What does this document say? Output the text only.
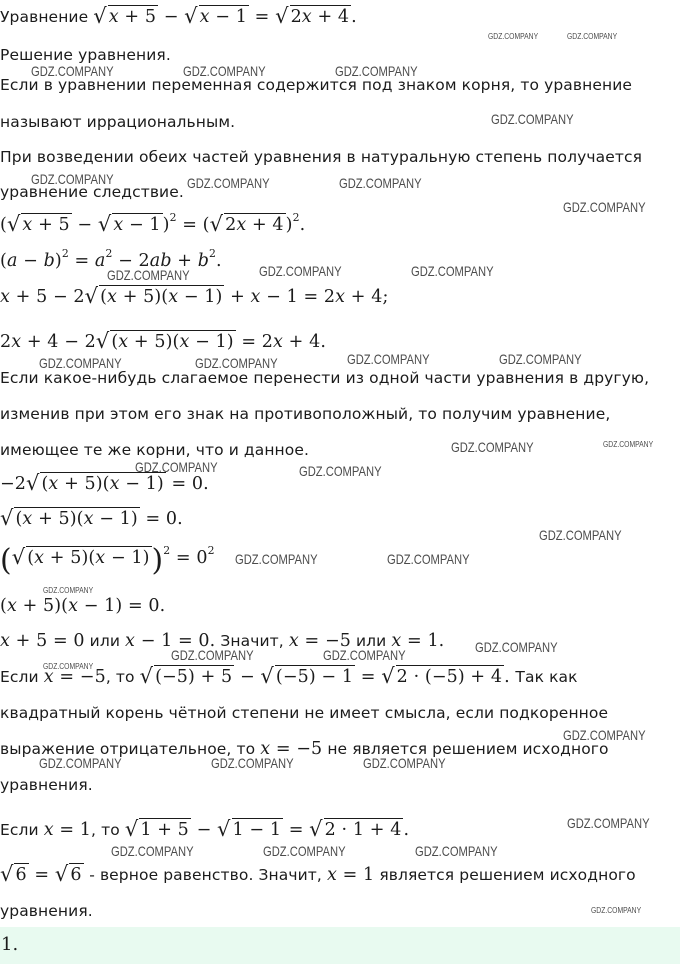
Уравнение √ x + 5 − √ x − 1 = √ 2x + 4 .
Решение уравнения.
Если в уравнении переменная содержится под знаком корня, то уравнение
называют иррациональным.
При возведении обеих частей уравнения в натуральную степень получается
уравнение следствие.
(√ x + 5 − √ x − 1 )$^2$ = (√ 2x + 4 )$^2$.
$(a - b)^2 = a^2 - 2ab + b^2$.
x + 5 − 2√ (x + 5)(x − 1) + x − 1 = 2x + 4;
2x + 4 − 2√ (x + 5)(x − 1) = 2x + 4.
Если какое-нибудь слагаемое перенести из одной части уравнения в другую,
изменив при этом его знак на противоположный, то получим уравнение,
имеющее те же корни, что и данное.
−2√ (x + 5)(x − 1) = 0.
√ (x + 5)(x − 1) = 0.
(√ $(x + 5)(x - 1))^2 = 0^2$
(x + 5)(x − 1) = 0.
x + 5 = 0 или x − 1 = 0. Значит, x = −5 или x = 1.
Если x = −5, то √ (−5) + 5 − √ (−5) − 1 = √ 2 · (−5) + 4 . Так как
квадратный корень чётной степени не имеет смысла, если подкоренное
выражение отрицательное, то x = −5 не является решением исходного
уравнения.
Если x = 1, то √ 1 + 5 − √ 1 − 1 = √ 2 · 1 + 4 .
√ 6 = √ 6 - верное равенство. Значит, x = 1 является решением исходного
уравнения.
1.
GDZ.COMPANY	GDZ.COMPANY
GDZ.COMPANY	GDZ.COMPANY	GDZ.COMPANY
GDZ.COMPANY
GDZ.COMPANY	GDZ.COMPANY	GDZ.COMPANY
GDZ.COMPANY
GDZ.COMPANY	GDZ.COMPANY	GDZ.COMPANY
GDZ.COMPANY	GDZ.COMPANY	GDZ.COMPANY	GDZ.COMPANY
GDZ.COMPANY	GDZ.COMPANY
GDZ.COMPANY	GDZ.COMPANY
GDZ.COMPANY
GDZ.COMPANY	GDZ.COMPANY
GDZ.COMPANY
GDZ.COMPANY
GDZ.COMPANY	GDZ.COMPANY
GDZ.COMPANY
GDZ.COMPANY
GDZ.COMPANY	GDZ.COMPANY	GDZ.COMPANY
GDZ.COMPANY
GDZ.COMPANY	GDZ.COMPANY	GDZ.COMPANY
GDZ.COMPANY
